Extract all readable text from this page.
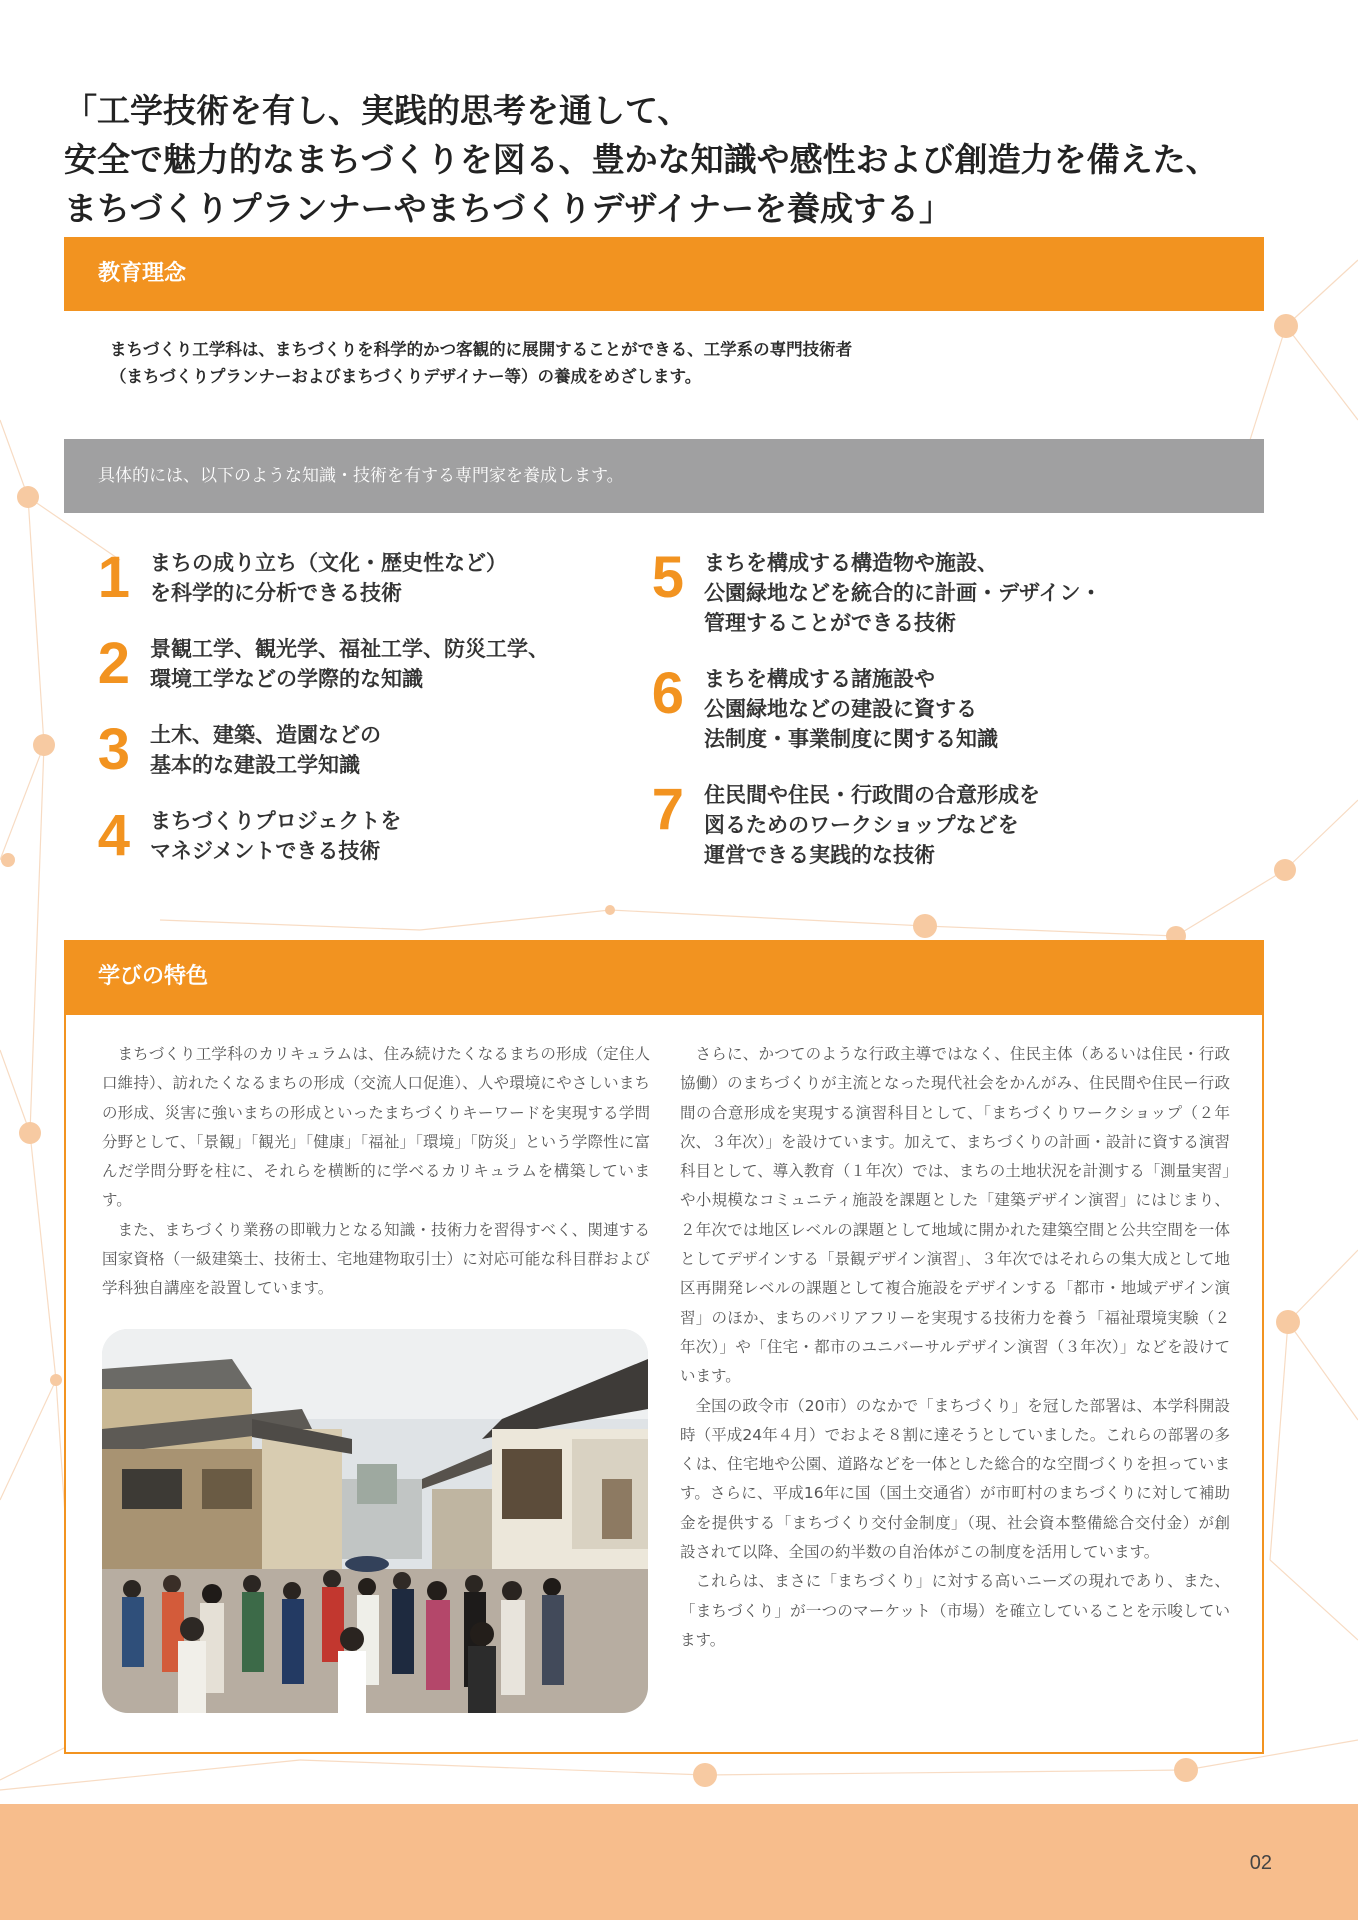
「工学技術を有し、実践的思考を通して、
安全で魅力的なまちづくりを図る、豊かな知識や感性および創造力を備えた、
まちづくりプランナーやまちづくりデザイナーを養成する」
教育理念
まちづくり工学科は、まちづくりを科学的かつ客観的に展開することができる、工学系の専門技術者
（まちづくりプランナーおよびまちづくりデザイナー等）の養成をめざします。
具体的には、以下のような知識・技術を有する専門家を養成します。
1 まちの成り立ち（文化・歴史性など）
を科学的に分析できる技術
2 景観工学、観光学、福祉工学、防災工学、
環境工学などの学際的な知識
3 土木、建築、造園などの
基本的な建設工学知識
4 まちづくりプロジェクトを
マネジメントできる技術
5 まちを構成する構造物や施設、
公園緑地などを統合的に計画・デザイン・
管理することができる技術
6 まちを構成する諸施設や
公園緑地などの建設に資する
法制度・事業制度に関する知識
7 住民間や住民・行政間の合意形成を
図るためのワークショップなどを
運営できる実践的な技術
学びの特色

まちづくり工学科のカリキュラムは、住み続けたくなるまちの形成（定住人口維持）、訪れたくなるまちの形成（交流人口促進）、人や環境にやさしいまちの形成、災害に強いまちの形成といったまちづくりキーワードを実現する学問分野として、「景観」「観光」「健康」「福祉」「環境」「防災」という学際性に富んだ学問分野を柱に、それらを横断的に学べるカリキュラムを構築しています。

また、まちづくり業務の即戦力となる知識・技術力を習得すべく、関連する国家資格（一級建築士、技術士、宅地建物取引士）に対応可能な科目群および学科独自講座を設置しています。

さらに、かつてのような行政主導ではなく、住民主体（あるいは住民・行政協働）のまちづくりが主流となった現代社会をかんがみ、住民間や住民ー行政間の合意形成を実現する演習科目として、「まちづくりワークショップ（２年次、３年次）」を設けています。加えて、まちづくりの計画・設計に資する演習科目として、導入教育（１年次）では、まちの土地状況を計測する「測量実習」や小規模なコミュニティ施設を課題とした「建築デザイン演習」にはじまり、２年次では地区レベルの課題として地域に開かれた建築空間と公共空間を一体としてデザインする「景観デザイン演習」、３年次ではそれらの集大成として地区再開発レベルの課題として複合施設をデザインする「都市・地域デザイン演習」のほか、まちのバリアフリーを実現する技術力を養う「福祉環境実験（２年次）」や「住宅・都市のユニバーサルデザイン演習（３年次）」などを設けています。

全国の政令市（20市）のなかで「まちづくり」を冠した部署は、本学科開設時（平成24年４月）でおよそ８割に達そうとしていました。これらの部署の多くは、住宅地や公園、道路などを一体とした総合的な空間づくりを担っています。さらに、平成16年に国（国土交通省）が市町村のまちづくりに対して補助金を提供する「まちづくり交付金制度」（現、社会資本整備総合交付金）が創設されて以降、全国の約半数の自治体がこの制度を活用しています。

これらは、まさに「まちづくり」に対する高いニーズの現れであり、また、「まちづくり」が一つのマーケット（市場）を確立していることを示唆しています。

02
